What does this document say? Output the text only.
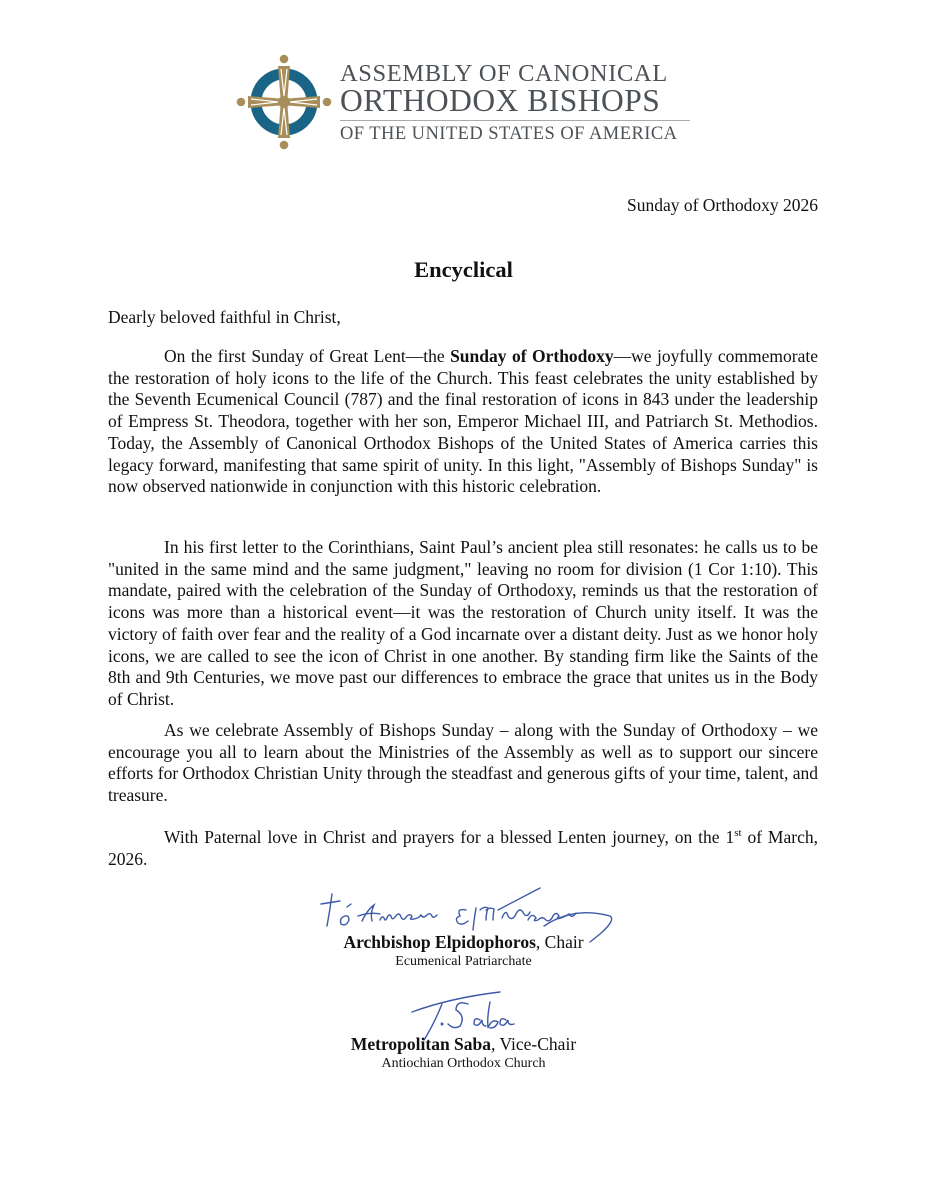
ASSEMBLY OF CANONICAL
ORTHODOX BISHOPS
OF THE UNITED STATES OF AMERICA
Sunday of Orthodoxy 2026
Encyclical
Dearly beloved faithful in Christ,

On the first Sunday of Great Lent—the Sunday of Orthodoxy—we joyfully commemorate the restoration of holy icons to the life of the Church. This feast celebrates the unity established by the Seventh Ecumenical Council (787) and the final restoration of icons in 843 under the leadership of Empress St. Theodora, together with her son, Emperor Michael III, and Patriarch St. Methodios. Today, the Assembly of Canonical Orthodox Bishops of the United States of America carries this legacy forward, manifesting that same spirit of unity. In this light, "Assembly of Bishops Sunday" is now observed nationwide in conjunction with this historic celebration.

In his first letter to the Corinthians, Saint Paul’s ancient plea still resonates: he calls us to be "united in the same mind and the same judgment," leaving no room for division (1 Cor 1:10). This mandate, paired with the celebration of the Sunday of Orthodoxy, reminds us that the restoration of icons was more than a historical event—it was the restoration of Church unity itself. It was the victory of faith over fear and the reality of a God incarnate over a distant deity. Just as we honor holy icons, we are called to see the icon of Christ in one another. By standing firm like the Saints of the 8th and 9th Centuries, we move past our differences to embrace the grace that unites us in the Body of Christ.

As we celebrate Assembly of Bishops Sunday – along with the Sunday of Orthodoxy – we encourage you all to learn about the Ministries of the Assembly as well as to support our sincere efforts for Orthodox Christian Unity through the steadfast and generous gifts of your time, talent, and treasure.

With Paternal love in Christ and prayers for a blessed Lenten journey, on the 1st of March, 2026.

Archbishop Elpidophoros, Chair
Ecumenical Patriarchate
Metropolitan Saba, Vice-Chair
Antiochian Orthodox Church
